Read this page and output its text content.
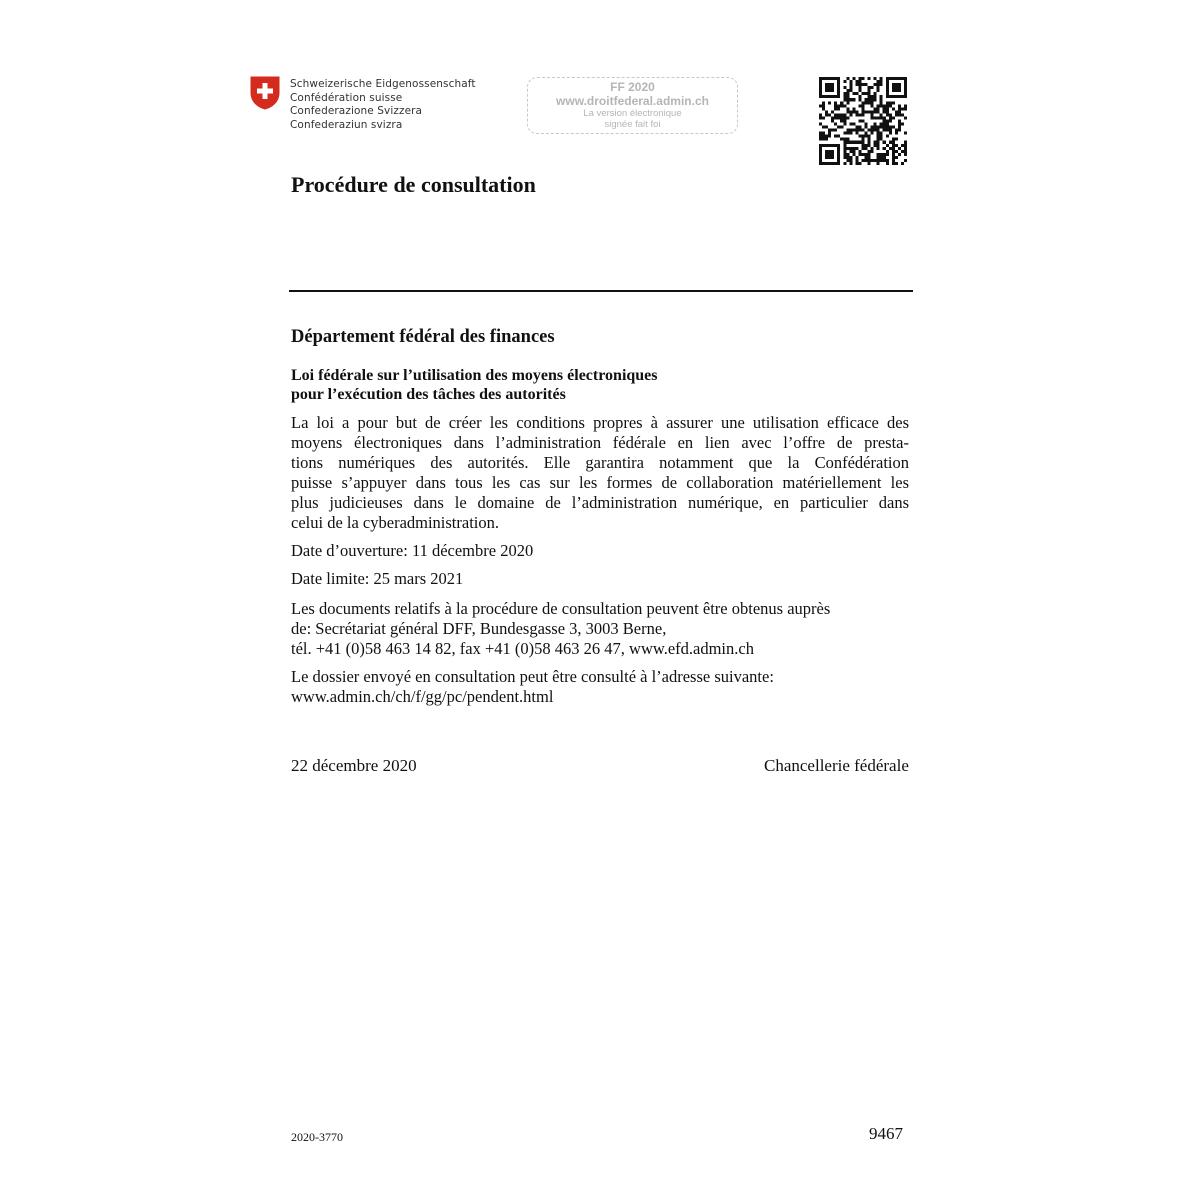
Schweizerische Eidgenossenschaft
Confédération suisse
Confederazione Svizzera
Confederaziun svizra
FF 2020
www.droitfederal.admin.ch
La version électronique
signée fait foi
Procédure de consultation
Département fédéral des finances
Loi fédérale sur l’utilisation des moyens électroniques
pour l’exécution des tâches des autorités
La loi a pour but de créer les conditions propres à assurer une utilisation efficace des
moyens électroniques dans l’administration fédérale en lien avec l’offre de presta-
tions numériques des autorités. Elle garantira notamment que la Confédération
puisse s’appuyer dans tous les cas sur les formes de collaboration matériellement les
plus judicieuses dans le domaine de l’administration numérique, en particulier dans
celui de la cyberadministration.
Date d’ouverture: 11 décembre 2020
Date limite: 25 mars 2021
Les documents relatifs à la procédure de consultation peuvent être obtenus auprès
de: Secrétariat général DFF, Bundesgasse 3, 3003 Berne,
tél. +41 (0)58 463 14 82, fax +41 (0)58 463 26 47, www.efd.admin.ch
Le dossier envoyé en consultation peut être consulté à l’adresse suivante:
www.admin.ch/ch/f/gg/pc/pendent.html
22 décembre 2020	Chancellerie fédérale
2020-3770	9467
